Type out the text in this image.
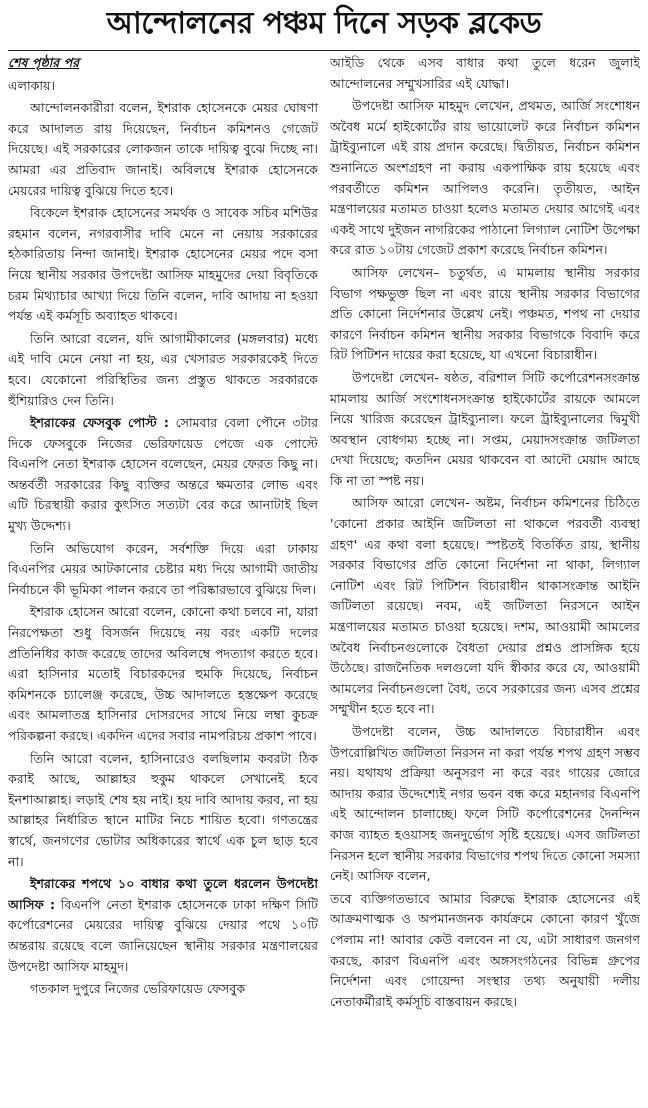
আন্দোলনের পঞ্চম দিনে সড়ক ব্লকেড

শেষ পৃষ্ঠার পর

এলাকায়।

আন্দোলনকারীরা বলেন, ইশরাক হোসেনকে মেয়র ঘোষণা করে আদালত রায় দিয়েছেন, নির্বাচন কমিশনও গেজেট দিয়েছে। এই সরকারের লোকজন তাকে দায়িত্ব বুঝে দিচ্ছে না। আমরা এর প্রতিবাদ জানাই। অবিলম্বে ইশরাক হোসেনকে মেয়রের দায়িত্ব বুঝিয়ে দিতে হবে।

বিকেলে ইশরাক হোসেনের সমর্থক ও সাবেক সচিব মশিউর রহমান বলেন, নগরবাসীর দাবি মেনে না নেয়ায় সরকারের হঠকারিতায় নিন্দা জানাই। ইশরাক হোসেনের মেয়র পদে বসা নিয়ে স্থানীয় সরকার উপদেষ্টা আসিফ মাহমুদের দেয়া বিবৃতিকে চরম মিথ্যাচার আখ্যা দিয়ে তিনি বলেন, দাবি আদায় না হওয়া পর্যন্ত এই কর্মসূচি অব্যাহত থাকবে।

তিনি আরো বলেন, যদি আগামীকালের (মঙ্গলবার) মধ্যে এই দাবি মেনে নেয়া না হয়, এর খেসারত সরকারকেই দিতে হবে। যেকোনো পরিস্থিতির জন্য প্রস্তুত থাকতে সরকারকে হুঁশিয়ারিও দেন তিনি।

ইশরাকের ফেসবুক পোস্ট : সোমবার বেলা পৌনে ৩টার দিকে ফেসবুকে নিজের ভেরিফায়েড পেজে এক পোস্টে বিএনপি নেতা ইশরাক হোসেন বলেছেন, মেয়র ফেরত কিছু না। অন্তর্বর্তী সরকারের কিছু ব্যক্তির অন্তরে ক্ষমতার লোভ এবং এটি চিরস্থায়ী করার কুৎসিত সত্যটা বের করে আনাটাই ছিল মুখ্য উদ্দেশ্য।

তিনি অভিযোগ করেন, সর্বশক্তি দিয়ে এরা ঢাকায় বিএনপির মেয়র আটকানোর চেষ্টার মধ্য দিয়ে আগামী জাতীয় নির্বাচনে কী ভূমিকা পালন করবে তা পরিষ্কারভাবে বুঝিয়ে দিল।

ইশরাক হোসেন আরো বলেন, কোনো কথা চলবে না, যারা নিরপেক্ষতা শুধু বিসর্জন দিয়েছে নয় বরং একটি দলের প্রতিনিধির কাজ করেছে তাদের অবিলম্বে পদত্যাগ করতে হবে। এরা হাসিনার মতোই বিচারকদের হুমকি দিয়েছে, নির্বাচন কমিশনকে চ্যালেঞ্জ করেছে, উচ্চ আদালতে হস্তক্ষেপ করেছে এবং আমলাতন্ত্র হাসিনার দোসরদের সাথে নিয়ে লম্বা কুচক্র পরিকল্পনা করছে। একদিন এদের সবার নামপরিচয় প্রকাশ পাবে।

তিনি আরো বলেন, হাসিনারেও বলছিলাম কবরটা ঠিক করাই আছে, আল্লাহর হুকুম থাকলে সেখানেই হবে ইনশাআল্লাহ। লড়াই শেষ হয় নাই। হয় দাবি আদায় করব, না হয় আল্লাহর নির্ধারিত স্থানে মাটির নিচে শায়িত হবো। গণতন্ত্রের স্বার্থে, জনগণের ভোটার অধিকারের স্বার্থে এক চুল ছাড় হবে না।

ইশরাকের শপথে ১০ বাধার কথা তুলে ধরলেন উপদেষ্টা আসিফ : বিএনপি নেতা ইশরাক হোসেনকে ঢাকা দক্ষিণ সিটি কর্পোরেশনের মেয়রের দায়িত্ব বুঝিয়ে দেয়ার পথে ১০টি অন্তরায় রয়েছে বলে জানিয়েছেন স্থানীয় সরকার মন্ত্রণালয়ের উপদেষ্টা আসিফ মাহমুদ।

গতকাল দুপুরে নিজের ভেরিফায়েড ফেসবুক

আইডি থেকে এসব বাধার কথা তুলে ধরেন জুলাই আন্দোলনের সম্মুখসারির এই যোদ্ধা।

উপদেষ্টা আসিফ মাহমুদ লেখেন, প্রথমত, আর্জি সংশোধন অবৈধ মর্মে হাইকোর্টের রায় ভায়োলেট করে নির্বাচন কমিশন ট্রাইব্যুনালে এই রায় প্রদান করেছে। দ্বিতীয়ত, নির্বাচন কমিশন শুনানিতে অংশগ্রহণ না করায় একপাক্ষিক রায় হয়েছে এবং পরবর্তীতে কমিশন আপিলও করেনি। তৃতীয়ত, আইন মন্ত্রণালয়ের মতামত চাওয়া হলেও মতামত দেয়ার আগেই এবং একই সাথে দুইজন নাগরিকের পাঠানো লিগ্যাল নোটিশ উপেক্ষা করে রাত ১০টায় গেজেট প্রকাশ করেছে নির্বাচন কমিশন।

আসিফ লেখেন– চতুর্থত, এ মামলায় স্থানীয় সরকার বিভাগ পক্ষভুক্ত ছিল না এবং রায়ে স্থানীয় সরকার বিভাগের প্রতি কোনো নির্দেশনার উল্লেখ নেই। পঞ্চমত, শপথ না দেয়ার কারণে নির্বাচন কমিশন স্থানীয় সরকার বিভাগকে বিবাদি করে রিট পিটিশন দায়ের করা হয়েছে, যা এখনো বিচারাধীন।

উপদেষ্টা লেখেন- ষষ্ঠত, বরিশাল সিটি কর্পোরেশনসংক্রান্ত মামলায় আর্জি সংশোধনসংক্রান্ত হাইকোর্টের রায়কে আমলে নিয়ে খারিজ করেছেন ট্রাইব্যুনাল। ফলে ট্রাইব্যুনালের দ্বিমুখী অবস্থান বোধগম্য হচ্ছে না। সপ্তম, মেয়াদসংক্রান্ত জটিলতা দেখা দিয়েছে; কতদিন মেয়র থাকবেন বা আদৌ মেয়াদ আছে কি না তা স্পষ্ট নয়।

আসিফ আরো লেখেন- অষ্টম, নির্বাচন কমিশনের চিঠিতে 'কোনো প্রকার আইনি জটিলতা না থাকলে পরবর্তী ব্যবস্থা গ্রহণ' এর কথা বলা হয়েছে। স্পষ্টতই বিতর্কিত রায়, স্থানীয় সরকার বিভাগের প্রতি কোনো নির্দেশনা না থাকা, লিগ্যাল নোটিশ এবং রিট পিটিশন বিচারাধীন থাকাসংক্রান্ত আইনি জটিলতা রয়েছে। নবম, এই জটিলতা নিরসনে আইন মন্ত্রণালয়ের মতামত চাওয়া হয়েছে। দশম, আওয়ামী আমলের অবৈধ নির্বাচনগুলোকে বৈধতা দেয়ার প্রশ্নও প্রাসঙ্গিক হয়ে উঠেছে। রাজনৈতিক দলগুলো যদি স্বীকার করে যে, আওয়ামী আমলের নির্বাচনগুলো বৈধ, তবে সরকারের জন্য এসব প্রশ্নের সম্মুখীন হতে হবে না।

উপদেষ্টা বলেন, উচ্চ আদালতে বিচারাধীন এবং উপরোল্লিখিত জটিলতা নিরসন না করা পর্যন্ত শপথ গ্রহণ সম্ভব নয়। যথাযথ প্রক্রিয়া অনুসরণ না করে বরং গায়ের জোরে আদায় করার উদ্দেশ্যেই নগর ভবন বন্ধ করে মহানগর বিএনপি এই আন্দোলন চালাচ্ছে। ফলে সিটি কর্পোরেশনের দৈনন্দিন কাজ ব্যাহত হওয়াসহ জনদুর্ভোগ সৃষ্টি হয়েছে। এসব জটিলতা নিরসন হলে স্থানীয় সরকার বিভাগের শপথ দিতে কোনো সমস্যা নেই। আসিফ বলেন,

তবে ব্যক্তিগতভাবে আমার বিরুদ্ধে ইশরাক হোসেনের এই আক্রমণাত্মক ও অপমানজনক কার্যক্রমে কোনো কারণ খুঁজে পেলাম না! আবার কেউ বলবেন না যে, এটা সাধারণ জনগণ করছে, কারণ বিএনপি এবং অঙ্গসংগঠনের বিভিন্ন গ্রুপের নির্দেশনা এবং গোয়েন্দা সংস্থার তথ্য অনুযায়ী দলীয় নেতাকর্মীরাই কর্মসূচি বাস্তবায়ন করছে।
